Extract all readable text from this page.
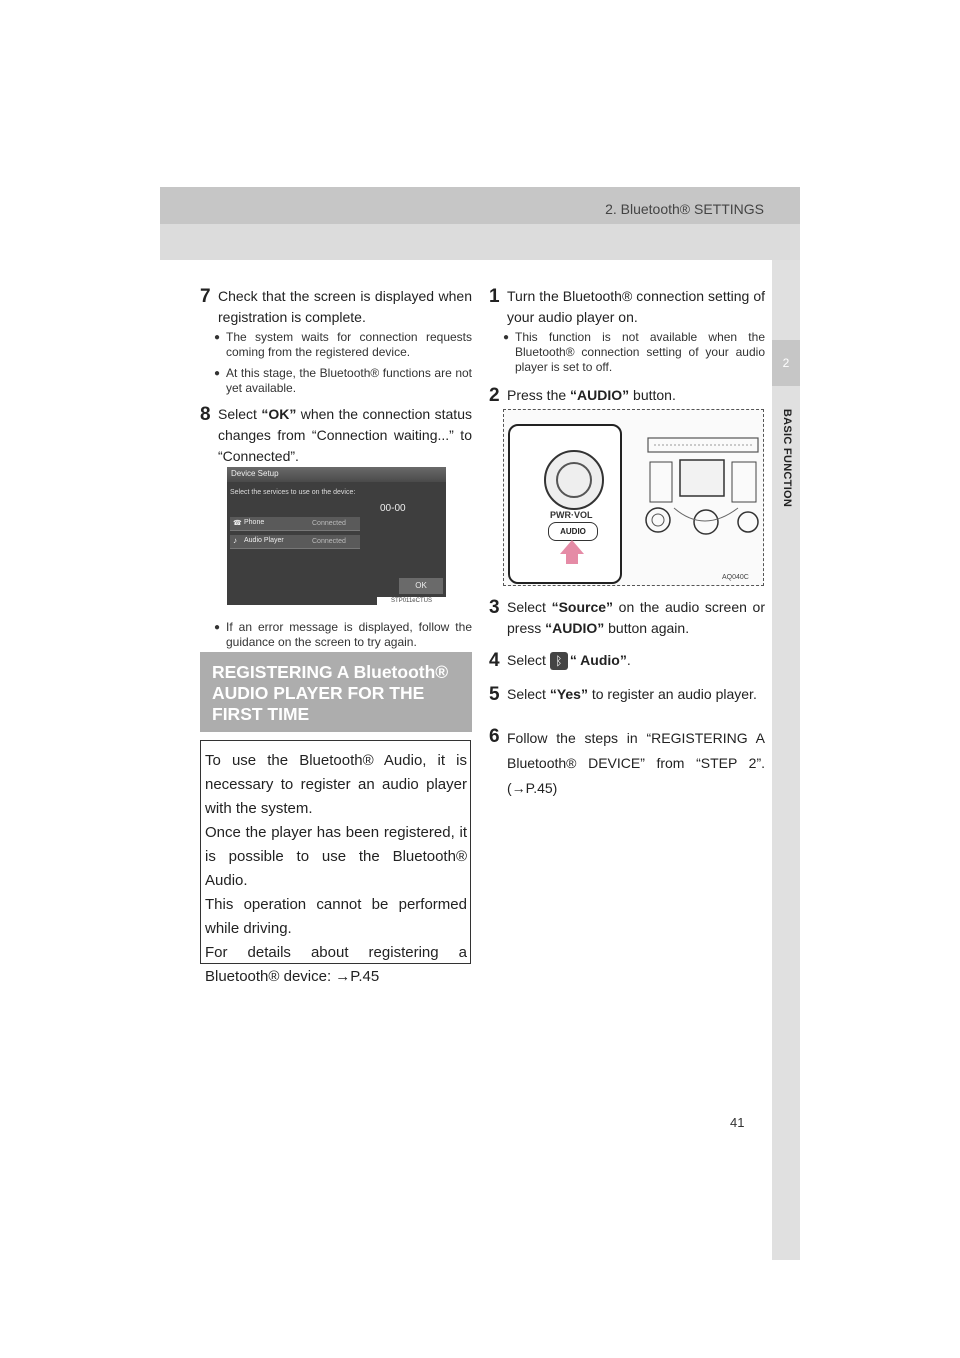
2. Bluetooth® SETTINGS
2
BASIC FUNCTION
7 Check that the screen is displayed when registration is complete.
● The system waits for connection requests coming from the registered device.
● At this stage, the Bluetooth® functions are not yet available.
8 Select “OK” when the connection status changes from “Connection waiting...” to “Connected”.
Device Setup
Select the services to use on the device:
00-00
☎ Phone	Connected
♪ Audio Player	Connected
OK
STP011eCTUS
● If an error message is displayed, follow the guidance on the screen to try again.
REGISTERING A Bluetooth® AUDIO PLAYER FOR THE FIRST TIME

To use the Bluetooth® Audio, it is necessary to register an audio player with the system.

Once the player has been registered, it is possible to use the Bluetooth® Audio.

This operation cannot be performed while driving.

For details about registering a Bluetooth® device: →P.45

1 Turn the Bluetooth® connection setting of your audio player on.
● This function is not available when the Bluetooth® connection setting of your audio player is set to off.
2 Press the “AUDIO” button.
PWR·VOL
AUDIO
AQ040C
3 Select “Source” on the audio screen or press “AUDIO” button again.
4 Select ᛒ “ Audio”.
5 Select “Yes” to register an audio player.
6 Follow the steps in “REGISTERING A Bluetooth® DEVICE” from “STEP 2”. (→P.45)
41
